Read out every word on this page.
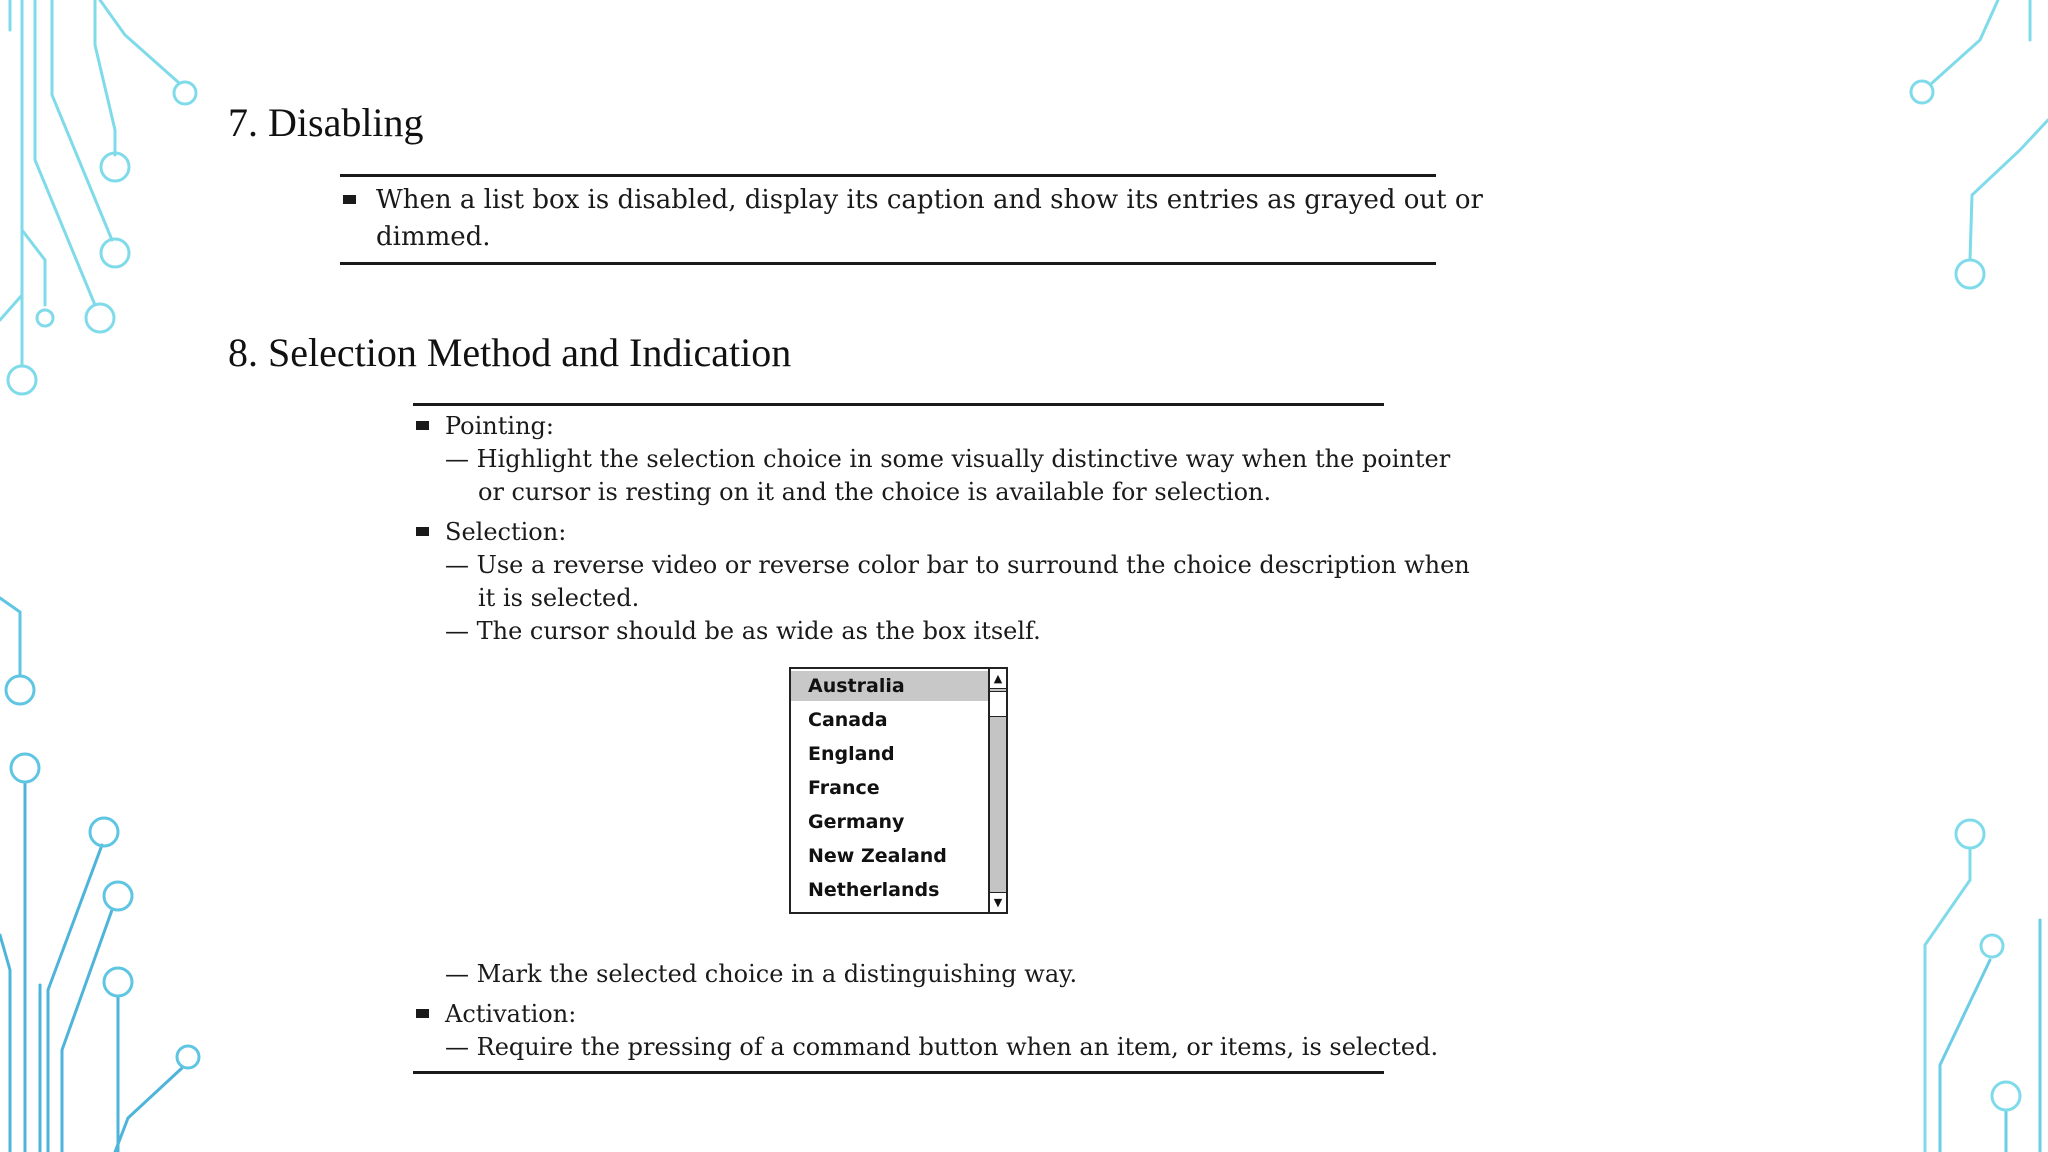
7. Disabling
When a list box is disabled, display its caption and show its entries as grayed out or
dimmed.
8. Selection Method and Indication
Pointing:
— Highlight the selection choice in some visually distinctive way when the pointer
or cursor is resting on it and the choice is available for selection.
Selection:
— Use a reverse video or reverse color bar to surround the choice description when
it is selected.
— The cursor should be as wide as the box itself.
Australia
Canada
England
France
Germany
New Zealand
Netherlands
▲
▼
— Mark the selected choice in a distinguishing way.
Activation:
— Require the pressing of a command button when an item, or items, is selected.
